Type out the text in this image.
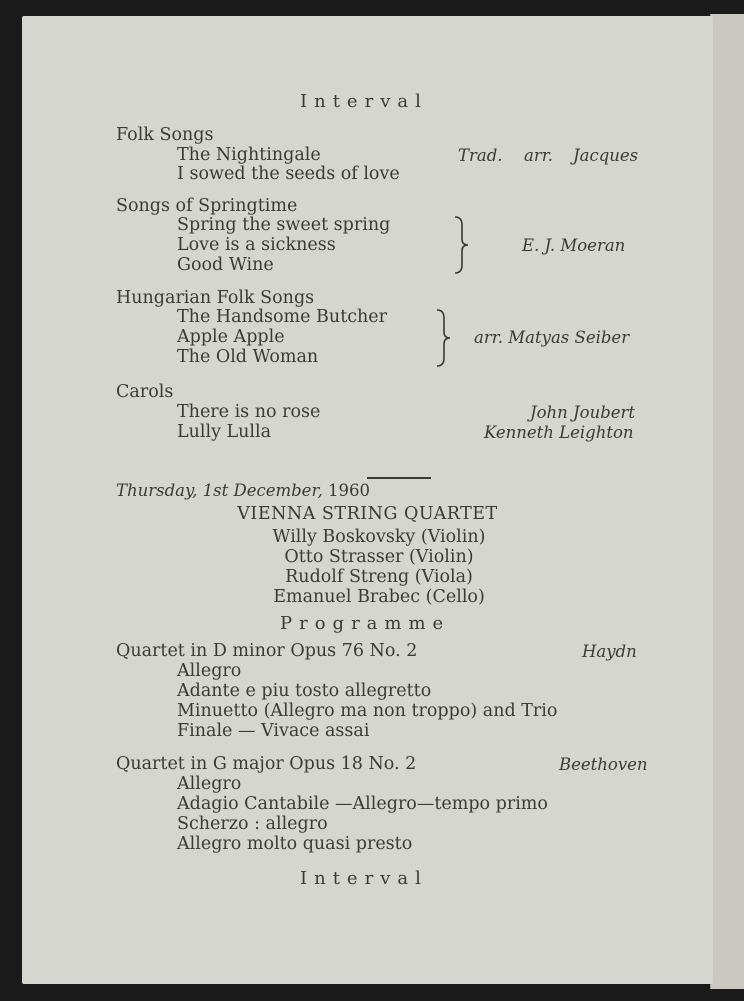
Interval
Folk Songs
The Nightingale
I sowed the seeds of love
Trad. arr. Jacques
Songs of Springtime
Spring the sweet spring
Love is a sickness
Good Wine
E. J. Moeran
Hungarian Folk Songs
The Handsome Butcher
Apple Apple
The Old Woman
arr. Matyas Seiber
Carols
There is no rose
Lully Lulla
John Joubert
Kenneth Leighton
Thursday, 1st December, 1960
VIENNA STRING QUARTET
Willy Boskovsky (Violin)
Otto Strasser (Violin)
Rudolf Streng (Viola)
Emanuel Brabec (Cello)
Programme
Quartet in D minor Opus 76 No. 2	Haydn
Allegro
Adante e piu tosto allegretto
Minuetto (Allegro ma non troppo) and Trio
Finale — Vivace assai
Quartet in G major Opus 18 No. 2	Beethoven
Allegro
Adagio Cantabile —Allegro—tempo primo
Scherzo : allegro
Allegro molto quasi presto
Interval
